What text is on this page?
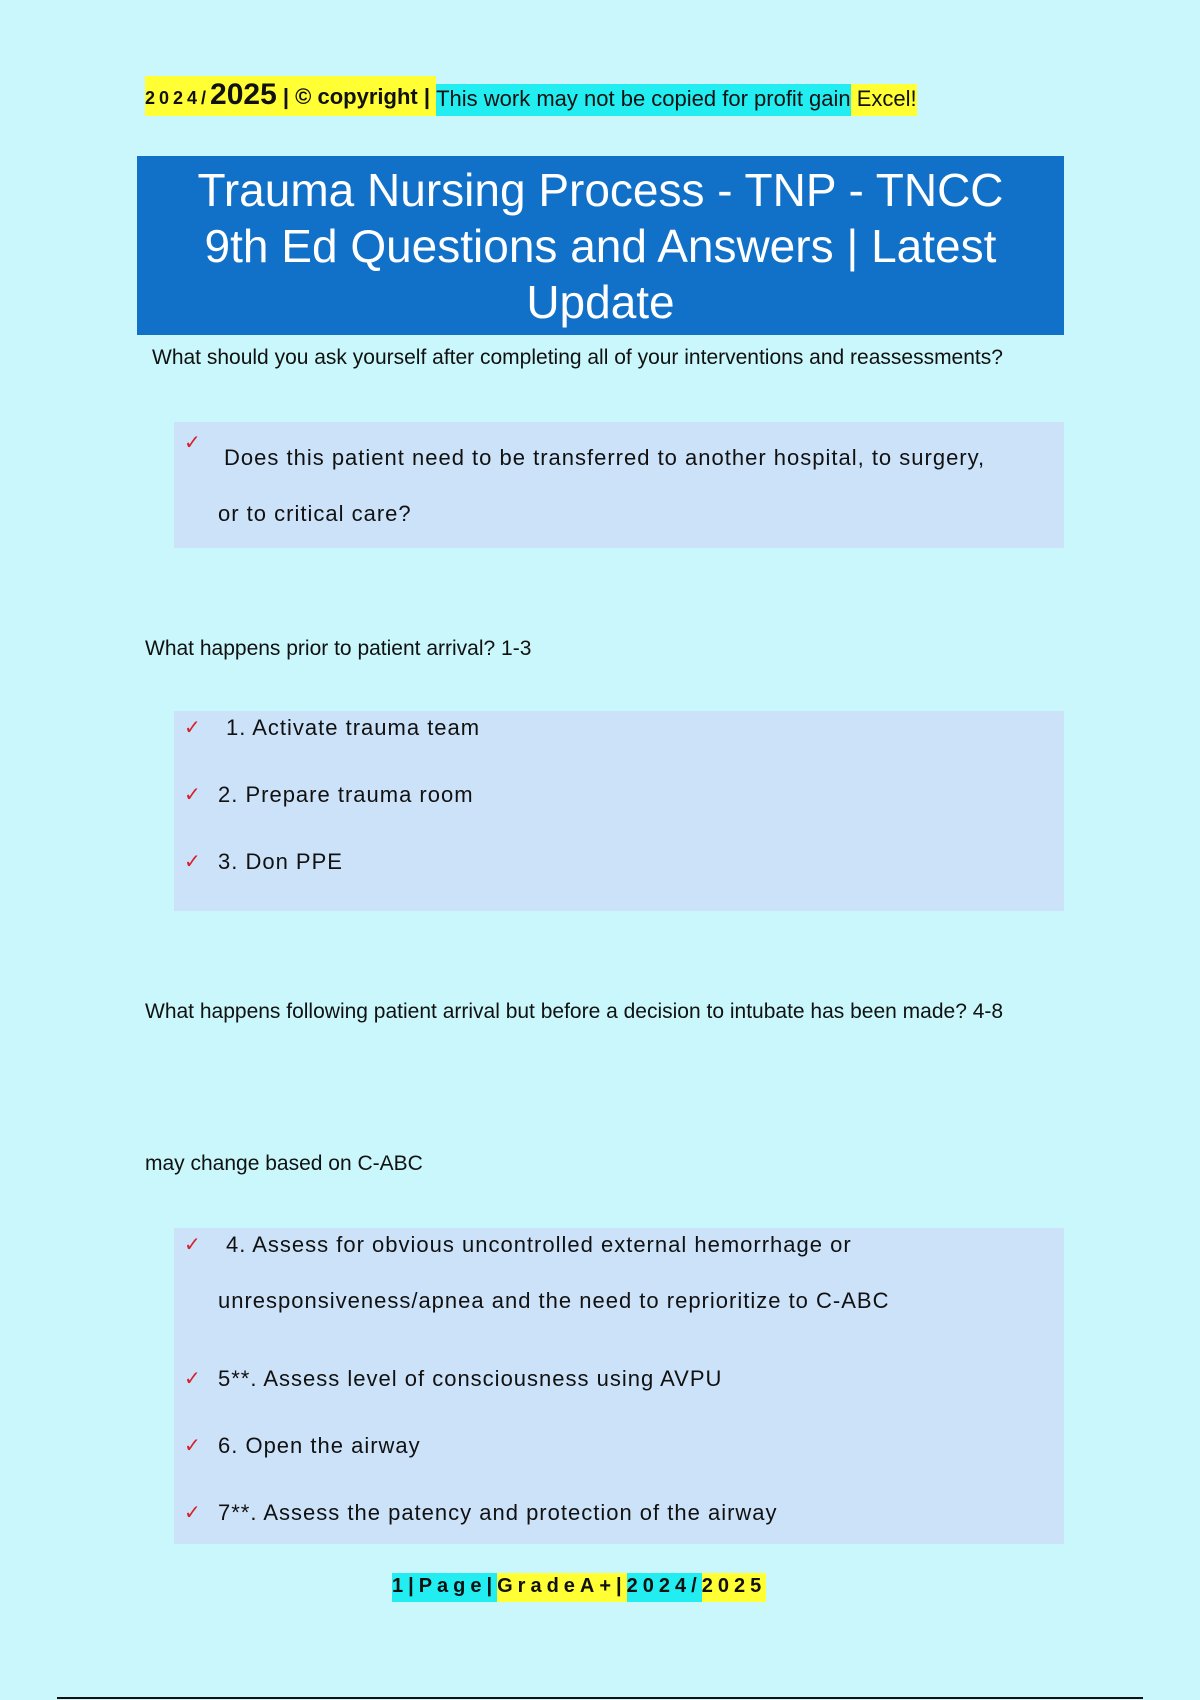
2024/2025 | © copyright | This work may not be copied for profit gain Excel!
Trauma Nursing Process - TNP - TNCC
9th Ed Questions and Answers | Latest
Update
What should you ask yourself after completing all of your interventions and reassessments?
✓
Does this patient need to be transferred to another hospital, to surgery,
or to critical care?
What happens prior to patient arrival? 1-3
✓	1. Activate trauma team
✓ 2. Prepare trauma room
✓ 3. Don PPE
What happens following patient arrival but before a decision to intubate has been made? 4-8
may change based on C-ABC
✓	4. Assess for obvious uncontrolled external hemorrhage or
unresponsiveness/apnea and the need to reprioritize to C-ABC
✓ 5**. Assess level of consciousness using AVPU
✓ 6. Open the airway
✓ 7**. Assess the patency and protection of the airway
1|Page| GradeA+| 2024/ 2025
